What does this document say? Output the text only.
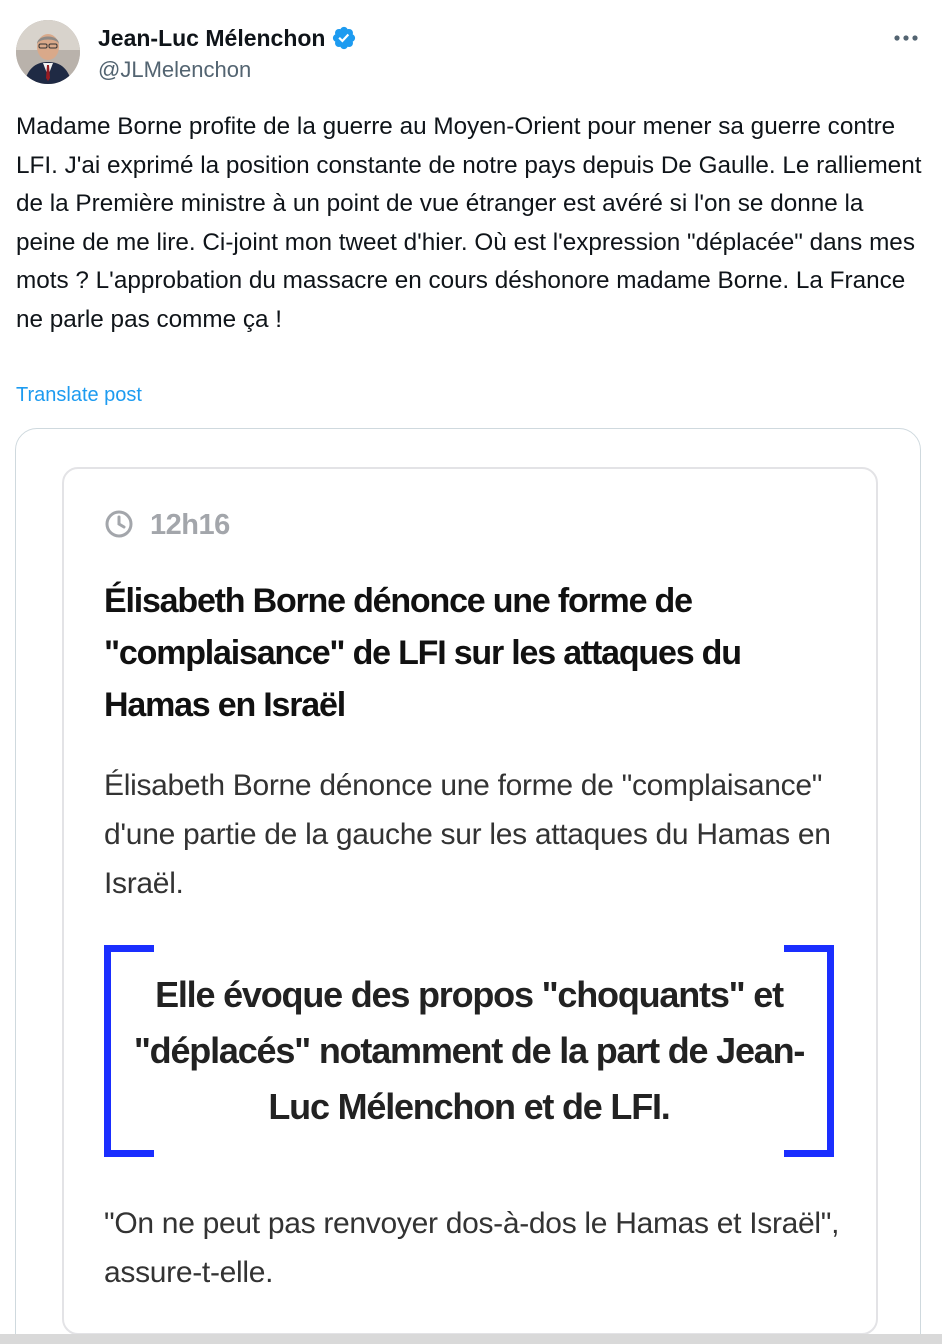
Jean-Luc Mélenchon
@JLMelenchon

Madame Borne profite de la guerre au Moyen-Orient pour mener sa guerre contre LFI. J'ai exprimé la position constante de notre pays depuis De Gaulle. Le ralliement de la Première ministre à un point de vue étranger est avéré si l'on se donne la peine de me lire. Ci-joint mon tweet d'hier. Où est l'expression "déplacée" dans mes mots ? L'approbation du massacre en cours déshonore madame Borne. La France ne parle pas comme ça !

Translate post
12h16

Élisabeth Borne dénonce une forme de "complaisance" de LFI sur les attaques du Hamas en Israël

Élisabeth Borne dénonce une forme de "complaisance" d'une partie de la gauche sur les attaques du Hamas en Israël.

Elle évoque des propos "choquants" et "déplacés" notamment de la part de Jean-Luc Mélenchon et de LFI.

"On ne peut pas renvoyer dos-à-dos le Hamas et Israël", assure-t-elle.
